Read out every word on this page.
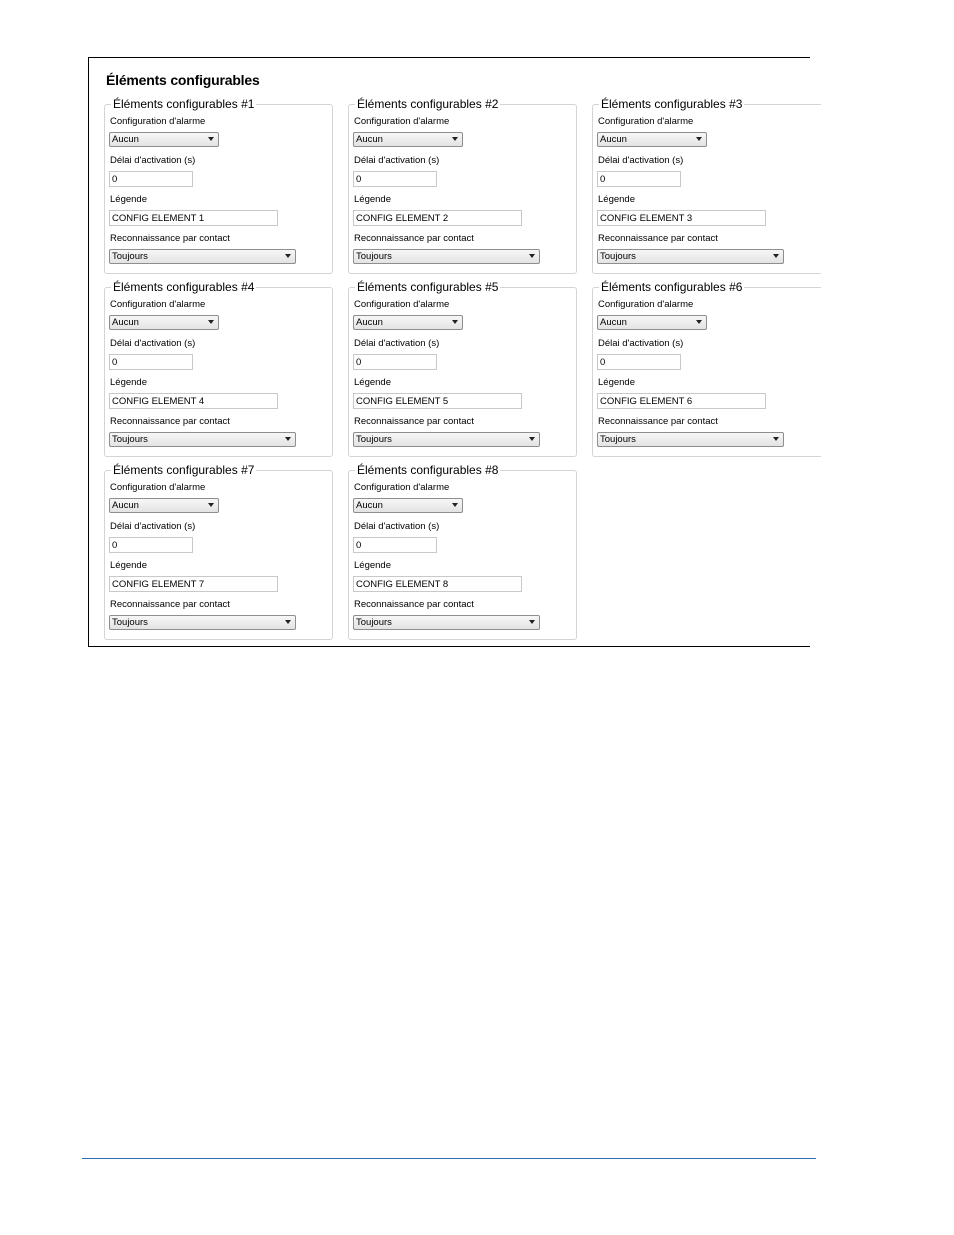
Éléments configurables
Éléments configurables #1
Configuration d'alarme
Aucun
Délai d'activation (s)
0
Légende
CONFIG ELEMENT 1
Reconnaissance par contact
Toujours
Éléments configurables #2
Configuration d'alarme
Aucun
Délai d'activation (s)
0
Légende
CONFIG ELEMENT 2
Reconnaissance par contact
Toujours
Éléments configurables #3
Configuration d'alarme
Aucun
Délai d'activation (s)
0
Légende
CONFIG ELEMENT 3
Reconnaissance par contact
Toujours
Éléments configurables #4
Configuration d'alarme
Aucun
Délai d'activation (s)
0
Légende
CONFIG ELEMENT 4
Reconnaissance par contact
Toujours
Éléments configurables #5
Configuration d'alarme
Aucun
Délai d'activation (s)
0
Légende
CONFIG ELEMENT 5
Reconnaissance par contact
Toujours
Éléments configurables #6
Configuration d'alarme
Aucun
Délai d'activation (s)
0
Légende
CONFIG ELEMENT 6
Reconnaissance par contact
Toujours
Éléments configurables #7
Configuration d'alarme
Aucun
Délai d'activation (s)
0
Légende
CONFIG ELEMENT 7
Reconnaissance par contact
Toujours
Éléments configurables #8
Configuration d'alarme
Aucun
Délai d'activation (s)
0
Légende
CONFIG ELEMENT 8
Reconnaissance par contact
Toujours
